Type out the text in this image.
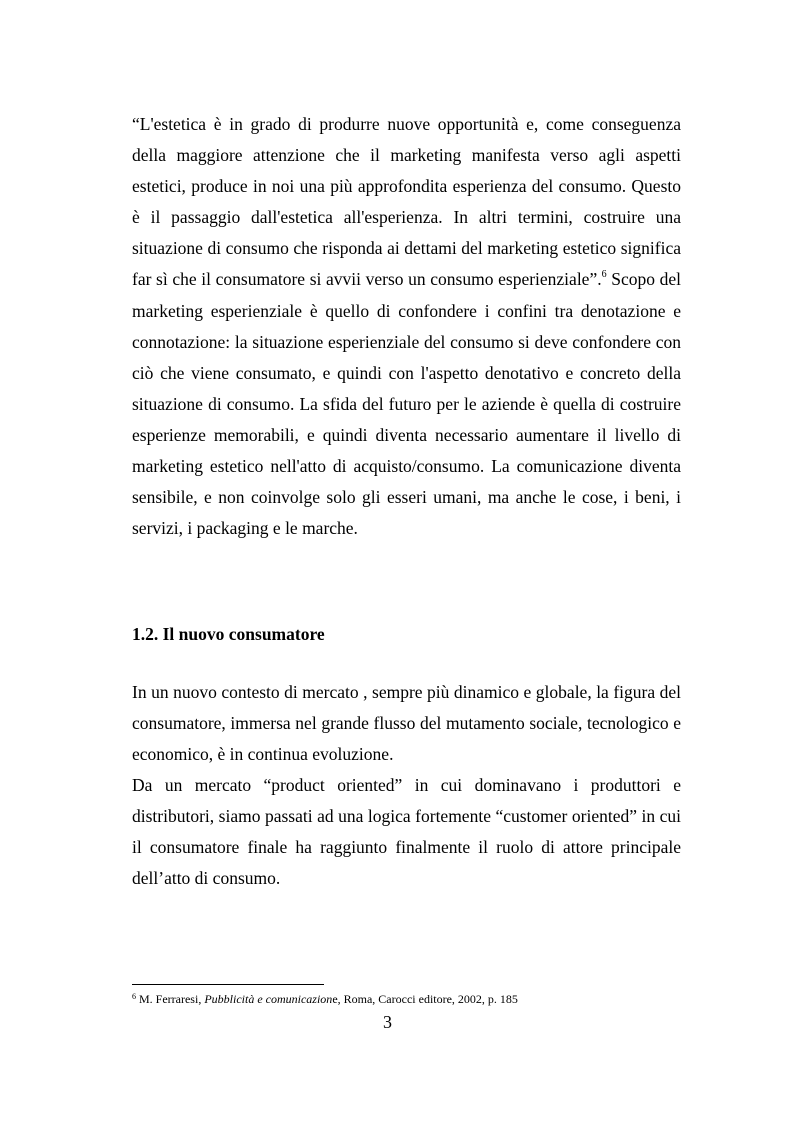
“L'estetica è in grado di produrre nuove opportunità e, come conseguenza della maggiore attenzione che il marketing manifesta verso agli aspetti estetici, produce in noi una più approfondita esperienza del consumo. Questo è il passaggio dall'estetica all'esperienza. In altri termini, costruire una situazione di consumo che risponda ai dettami del marketing estetico significa far sì che il consumatore si avvii verso un consumo esperienziale”.$^6$ Scopo del marketing esperienziale è quello di confondere i confini tra denotazione e connotazione: la situazione esperienziale del consumo si deve confondere con ciò che viene consumato, e quindi con l'aspetto denotativo e concreto della situazione di consumo. La sfida del futuro per le aziende è quella di costruire esperienze memorabili, e quindi diventa necessario aumentare il livello di marketing estetico nell'atto di acquisto/consumo. La comunicazione diventa sensibile, e non coinvolge solo gli esseri umani, ma anche le cose, i beni, i servizi, i packaging e le marche.

1.2. Il nuovo consumatore

In un nuovo contesto di mercato , sempre più dinamico e globale, la figura del consumatore, immersa nel grande flusso del mutamento sociale, tecnologico e economico, è in continua evoluzione.

Da un mercato “product oriented” in cui dominavano i produttori e distributori, siamo passati ad una logica fortemente “customer oriented” in cui il consumatore finale ha raggiunto finalmente il ruolo di attore principale dell’atto di consumo.

$^6$ M. Ferraresi, Pubblicità e comunicazione, Roma, Carocci editore, 2002, p. 185

3
